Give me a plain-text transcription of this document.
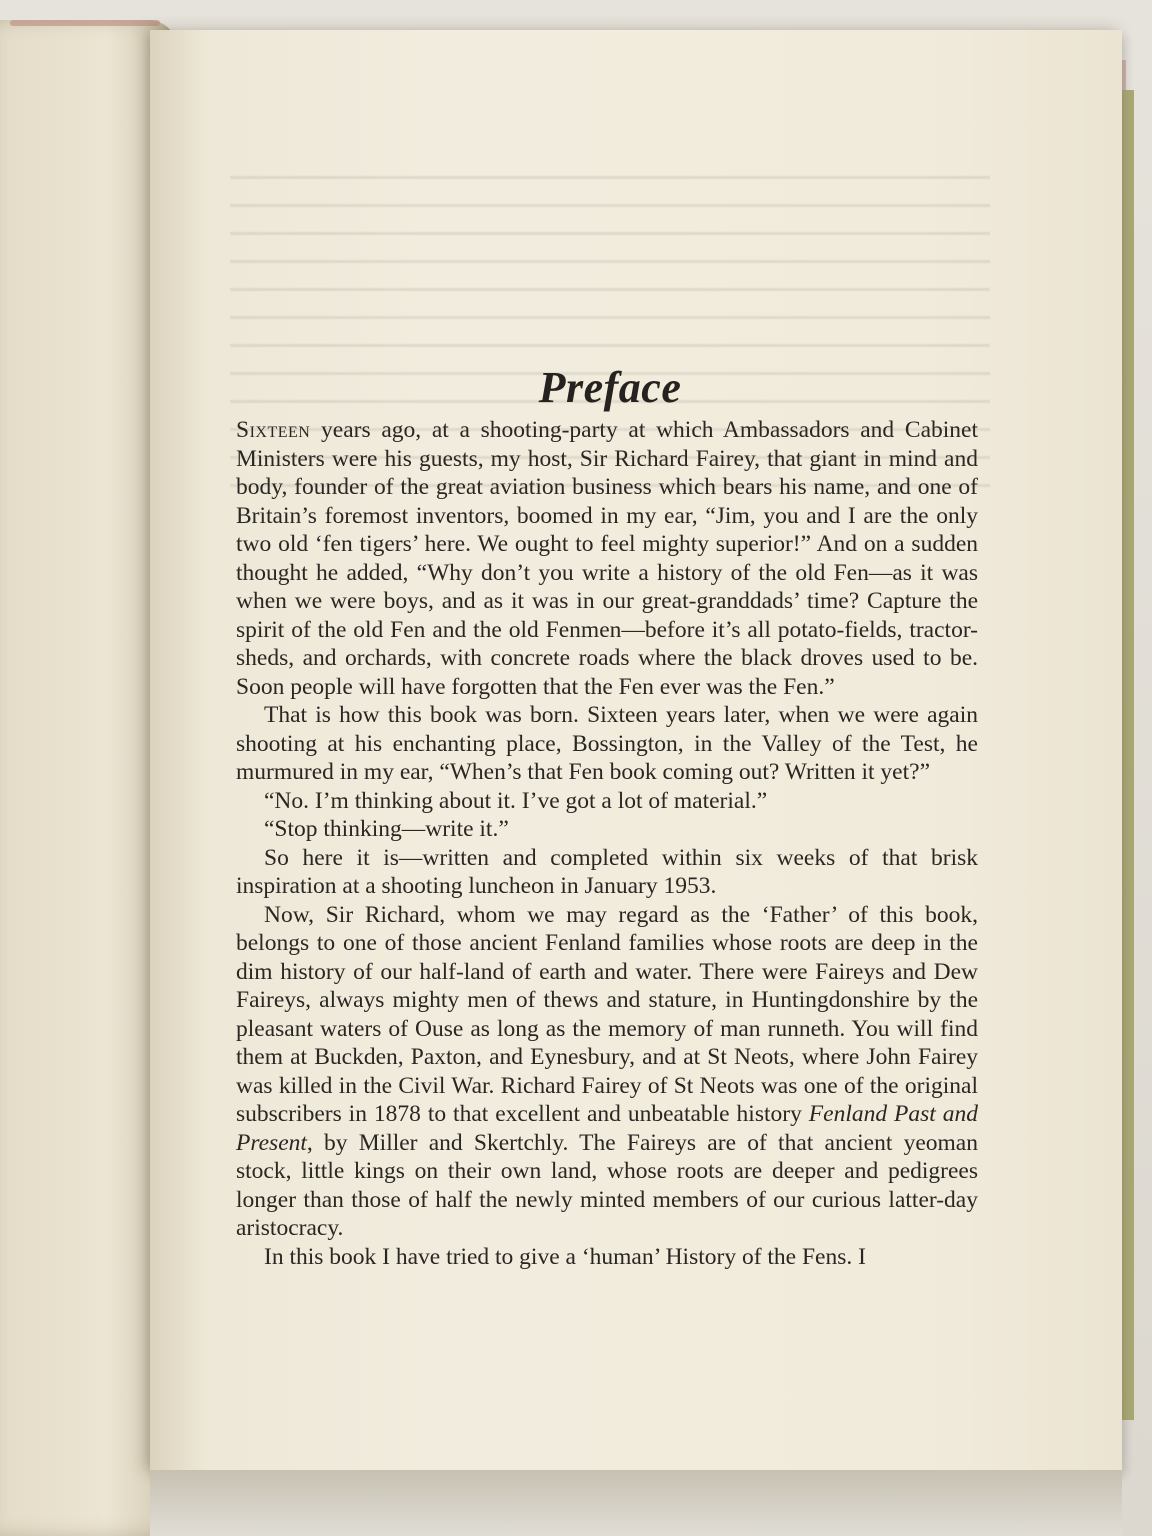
Preface

Sixteen years ago, at a shooting-party at which Ambassadors and Cabinet Ministers were his guests, my host, Sir Richard Fairey, that giant in mind and body, founder of the great aviation business which bears his name, and one of Britain’s foremost inventors, boomed in my ear, “Jim, you and I are the only two old ‘fen tigers’ here. We ought to feel mighty superior!” And on a sudden thought he added, “Why don’t you write a history of the old Fen—as it was when we were boys, and as it was in our great-granddads’ time? Capture the spirit of the old Fen and the old Fenmen—before it’s all potato-fields, tractor-sheds, and orchards, with concrete roads where the black droves used to be. Soon people will have forgotten that the Fen ever was the Fen.”

That is how this book was born. Sixteen years later, when we were again shooting at his enchanting place, Bossington, in the Valley of the Test, he murmured in my ear, “When’s that Fen book coming out? Written it yet?”

“No. I’m thinking about it. I’ve got a lot of material.”

“Stop thinking—write it.”

So here it is—written and completed within six weeks of that brisk inspiration at a shooting luncheon in January 1953.

Now, Sir Richard, whom we may regard as the ‘Father’ of this book, belongs to one of those ancient Fenland families whose roots are deep in the dim history of our half-land of earth and water. There were Faireys and Dew Faireys, always mighty men of thews and stature, in Huntingdonshire by the pleasant waters of Ouse as long as the memory of man runneth. You will find them at Buckden, Paxton, and Eynesbury, and at St Neots, where John Fairey was killed in the Civil War. Richard Fairey of St Neots was one of the original subscribers in 1878 to that excellent and unbeatable history Fenland Past and Present, by Miller and Skertchly. The Faireys are of that ancient yeoman stock, little kings on their own land, whose roots are deeper and pedigrees longer than those of half the newly minted members of our curious latter-day aristocracy.

In this book I have tried to give a ‘human’ History of the Fens. I
